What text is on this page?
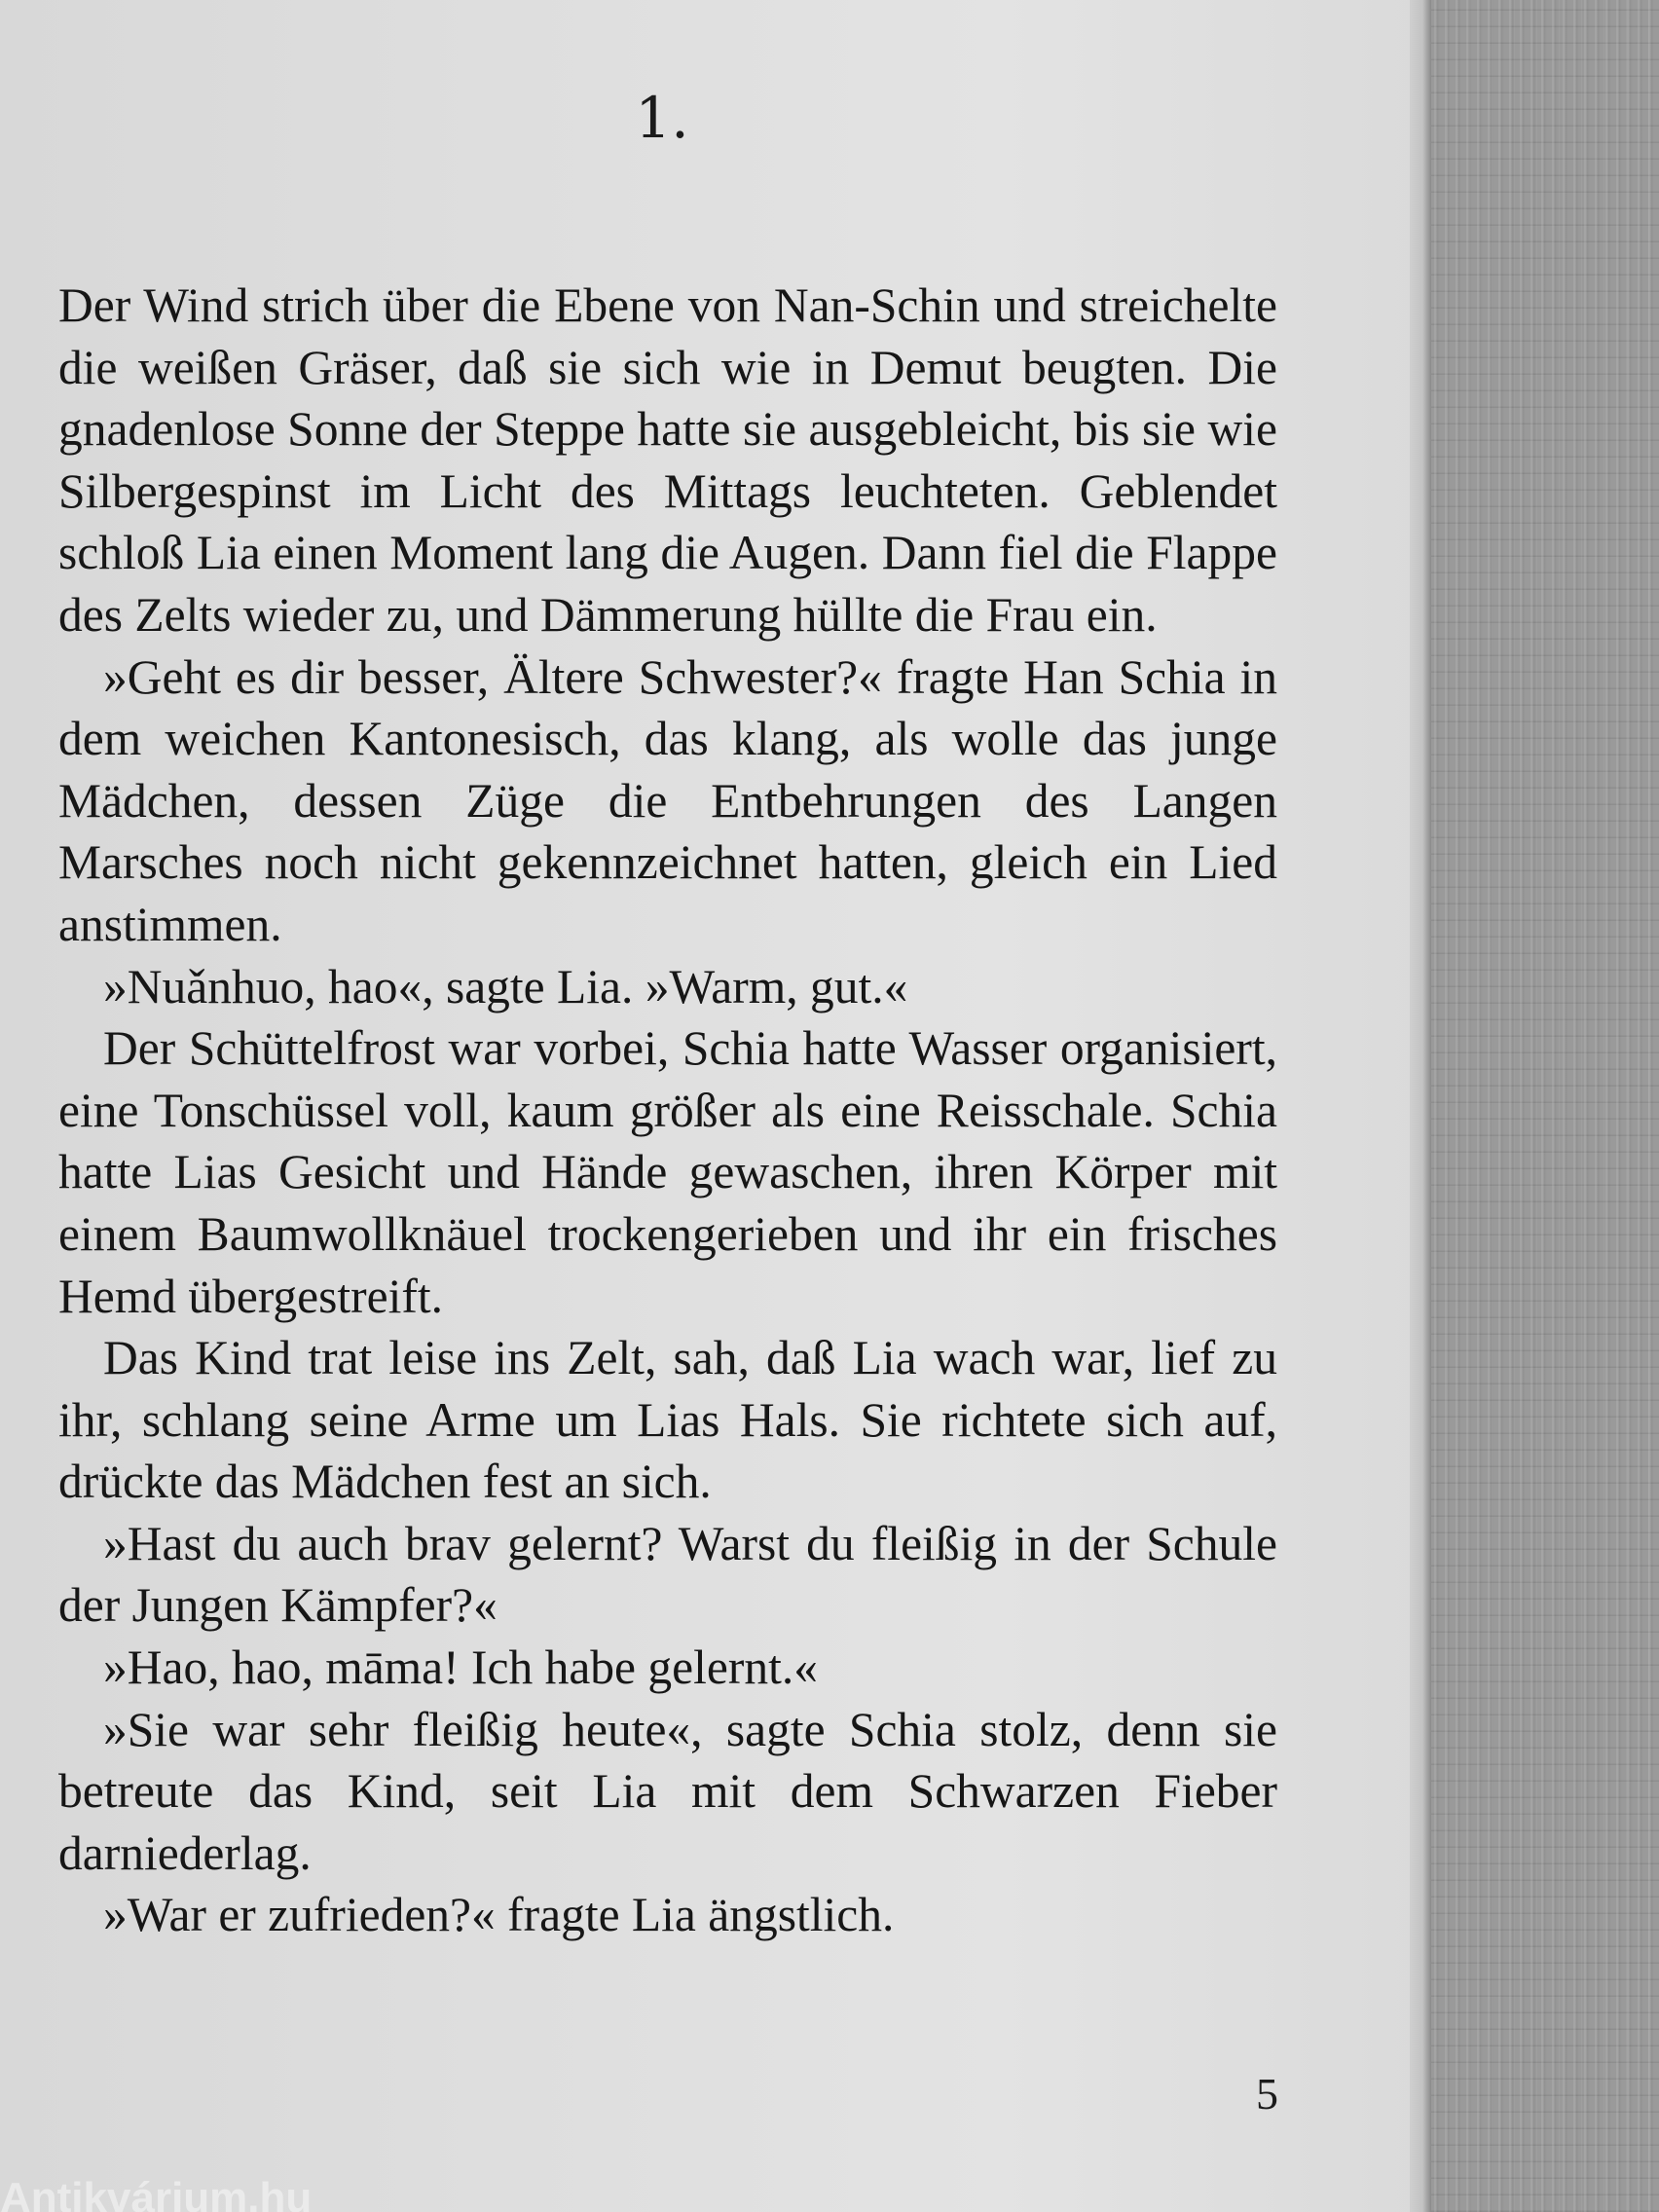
1.

Der Wind strich über die Ebene von Nan-Schin und streichelte die weißen Gräser, daß sie sich wie in Demut beugten. Die gnadenlose Sonne der Steppe hatte sie ausgebleicht, bis sie wie Silbergespinst im Licht des Mittags leuchteten. Geblendet schloß Lia einen Moment lang die Augen. Dann fiel die Flappe des Zelts wieder zu, und Dämmerung hüllte die Frau ein.

»Geht es dir besser, Ältere Schwester?« fragte Han Schia in dem weichen Kantonesisch, das klang, als wolle das junge Mädchen, dessen Züge die Entbehrungen des Langen Marsches noch nicht gekennzeichnet hatten, gleich ein Lied anstimmen.

»Nuǎnhuo, hao«, sagte Lia. »Warm, gut.«

Der Schüttelfrost war vorbei, Schia hatte Wasser organisiert, eine Tonschüssel voll, kaum größer als eine Reisschale. Schia hatte Lias Gesicht und Hände gewaschen, ihren Körper mit einem Baumwollknäuel trockengerieben und ihr ein frisches Hemd übergestreift.

Das Kind trat leise ins Zelt, sah, daß Lia wach war, lief zu ihr, schlang seine Arme um Lias Hals. Sie richtete sich auf, drückte das Mädchen fest an sich.

»Hast du auch brav gelernt? Warst du fleißig in der Schule der Jungen Kämpfer?«

»Hao, hao, māma! Ich habe gelernt.«

»Sie war sehr fleißig heute«, sagte Schia stolz, denn sie betreute das Kind, seit Lia mit dem Schwarzen Fieber darniederlag.

»War er zufrieden?« fragte Lia ängstlich.

5
Antikvárium.hu
